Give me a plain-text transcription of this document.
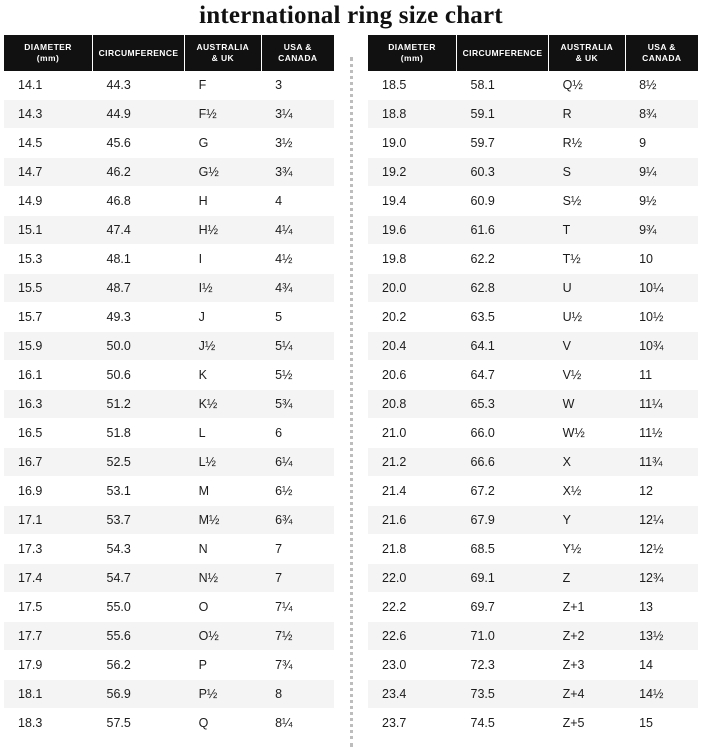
international ring size chart
DIAMETER
(mm)	CIRCUMFERENCE	AUSTRALIA
& UK	USA &
CANADA

14.1	44.3	F	3
14.3	44.9	F½	3¼
14.5	45.6	G	3½
14.7	46.2	G½	3¾
14.9	46.8	H	4
15.1	47.4	H½	4¼
15.3	48.1	I	4½
15.5	48.7	I½	4¾
15.7	49.3	J	5
15.9	50.0	J½	5¼
16.1	50.6	K	5½
16.3	51.2	K½	5¾
16.5	51.8	L	6
16.7	52.5	L½	6¼
16.9	53.1	M	6½
17.1	53.7	M½	6¾
17.3	54.3	N	7
17.4	54.7	N½	7
17.5	55.0	O	7¼
17.7	55.6	O½	7½
17.9	56.2	P	7¾
18.1	56.9	P½	8
18.3	57.5	Q	8¼
DIAMETER
(mm)	CIRCUMFERENCE	AUSTRALIA
& UK	USA &
CANADA

18.5	58.1	Q½	8½
18.8	59.1	R	8¾
19.0	59.7	R½	9
19.2	60.3	S	9¼
19.4	60.9	S½	9½
19.6	61.6	T	9¾
19.8	62.2	T½	10
20.0	62.8	U	10¼
20.2	63.5	U½	10½
20.4	64.1	V	10¾
20.6	64.7	V½	11
20.8	65.3	W	11¼
21.0	66.0	W½	11½
21.2	66.6	X	11¾
21.4	67.2	X½	12
21.6	67.9	Y	12¼
21.8	68.5	Y½	12½
22.0	69.1	Z	12¾
22.2	69.7	Z+1	13
22.6	71.0	Z+2	13½
23.0	72.3	Z+3	14
23.4	73.5	Z+4	14½
23.7	74.5	Z+5	15
